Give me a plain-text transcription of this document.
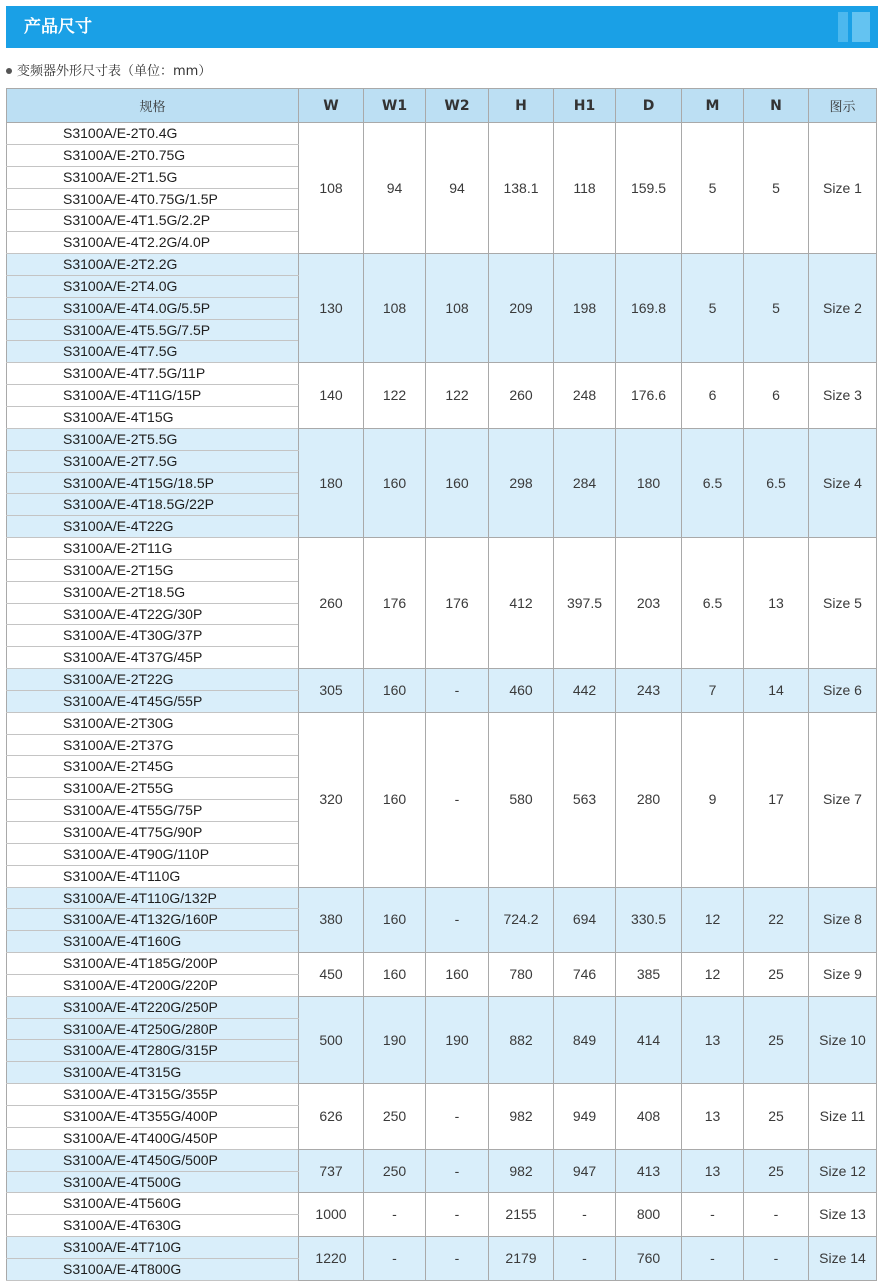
产品尺寸
变频器外形尺寸表（单位：mm）
规格	W	W1	W2	H	H1	D	M	N	图示
S3100A/E-2T0.4G	108	94	94	138.1	118	159.5	5	5	Size 1
S3100A/E-2T0.75G									
S3100A/E-2T1.5G									
S3100A/E-4T0.75G/1.5P									
S3100A/E-4T1.5G/2.2P									
S3100A/E-4T2.2G/4.0P									
S3100A/E-2T2.2G	130	108	108	209	198	169.8	5	5	Size 2
S3100A/E-2T4.0G									
S3100A/E-4T4.0G/5.5P									
S3100A/E-4T5.5G/7.5P									
S3100A/E-4T7.5G									
S3100A/E-4T7.5G/11P	140	122	122	260	248	176.6	6	6	Size 3
S3100A/E-4T11G/15P									
S3100A/E-4T15G									
S3100A/E-2T5.5G	180	160	160	298	284	180	6.5	6.5	Size 4
S3100A/E-2T7.5G									
S3100A/E-4T15G/18.5P									
S3100A/E-4T18.5G/22P									
S3100A/E-4T22G									
S3100A/E-2T11G	260	176	176	412	397.5	203	6.5	13	Size 5
S3100A/E-2T15G									
S3100A/E-2T18.5G									
S3100A/E-4T22G/30P									
S3100A/E-4T30G/37P									
S3100A/E-4T37G/45P									
S3100A/E-2T22G	305	160	-	460	442	243	7	14	Size 6
S3100A/E-4T45G/55P									
S3100A/E-2T30G	320	160	-	580	563	280	9	17	Size 7
S3100A/E-2T37G									
S3100A/E-2T45G									
S3100A/E-2T55G									
S3100A/E-4T55G/75P									
S3100A/E-4T75G/90P									
S3100A/E-4T90G/110P									
S3100A/E-4T110G									
S3100A/E-4T110G/132P	380	160	-	724.2	694	330.5	12	22	Size 8
S3100A/E-4T132G/160P									
S3100A/E-4T160G									
S3100A/E-4T185G/200P	450	160	160	780	746	385	12	25	Size 9
S3100A/E-4T200G/220P									
S3100A/E-4T220G/250P	500	190	190	882	849	414	13	25	Size 10
S3100A/E-4T250G/280P									
S3100A/E-4T280G/315P									
S3100A/E-4T315G									
S3100A/E-4T315G/355P	626	250	-	982	949	408	13	25	Size 11
S3100A/E-4T355G/400P									
S3100A/E-4T400G/450P									
S3100A/E-4T450G/500P	737	250	-	982	947	413	13	25	Size 12
S3100A/E-4T500G									
S3100A/E-4T560G	1000	-	-	2155	-	800	-	-	Size 13
S3100A/E-4T630G									
S3100A/E-4T710G	1220	-	-	2179	-	760	-	-	Size 14
S3100A/E-4T800G									
